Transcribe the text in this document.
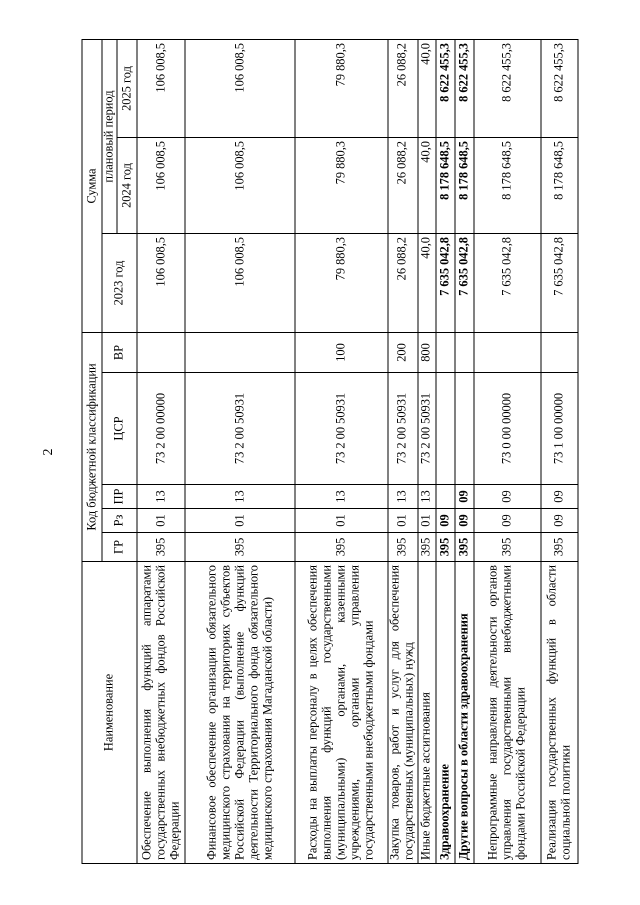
2
Наименование	Код бюджетной классификации					Сумма		
	ГР	Рз	ПР	ЦСР	ВР	2023 год	плановый период	
							2024 год	2025 год
Обеспечение выполнения функций аппаратами государственных внебюджетных фондов Российской Федерации	395	01	13	73 2 00 00000		106 008,5	106 008,5	106 008,5
Финансовое обеспечение организации обязательного медицинского страхования на территориях субъектов Российской Федерации (выполнение функций деятельности Территориального фонда обязательного медицинского страхования Магаданской области)	395	01	13	73 2 00 50931		106 008,5	106 008,5	106 008,5
Расходы на выплаты персоналу в целях обеспечения выполнения функций государственными (муниципальными) органами, казенными учреждениями, органами управления государственными внебюджетными фондами	395	01	13	73 2 00 50931	100	79 880,3	79 880,3	79 880,3
Закупка товаров, работ и услуг для обеспечения государственных (муниципальных) нужд	395	01	13	73 2 00 50931	200	26 088,2	26 088,2	26 088,2
Иные бюджетные ассигнования	395	01	13	73 2 00 50931	800	40,0	40,0	40,0
Здравоохранение	395	09				7 635 042,8	8 178 648,5	8 622 455,3
Другие вопросы в области здравоохранения	395	09	09			7 635 042,8	8 178 648,5	8 622 455,3
Непрограммные направления деятельности органов управления государственными внебюджетными фондами Российской Федерации	395	09	09	73 0 00 00000		7 635 042,8	8 178 648,5	8 622 455,3
Реализация государственных функций в области социальной политики	395	09	09	73 1 00 00000		7 635 042,8	8 178 648,5	8 622 455,3
